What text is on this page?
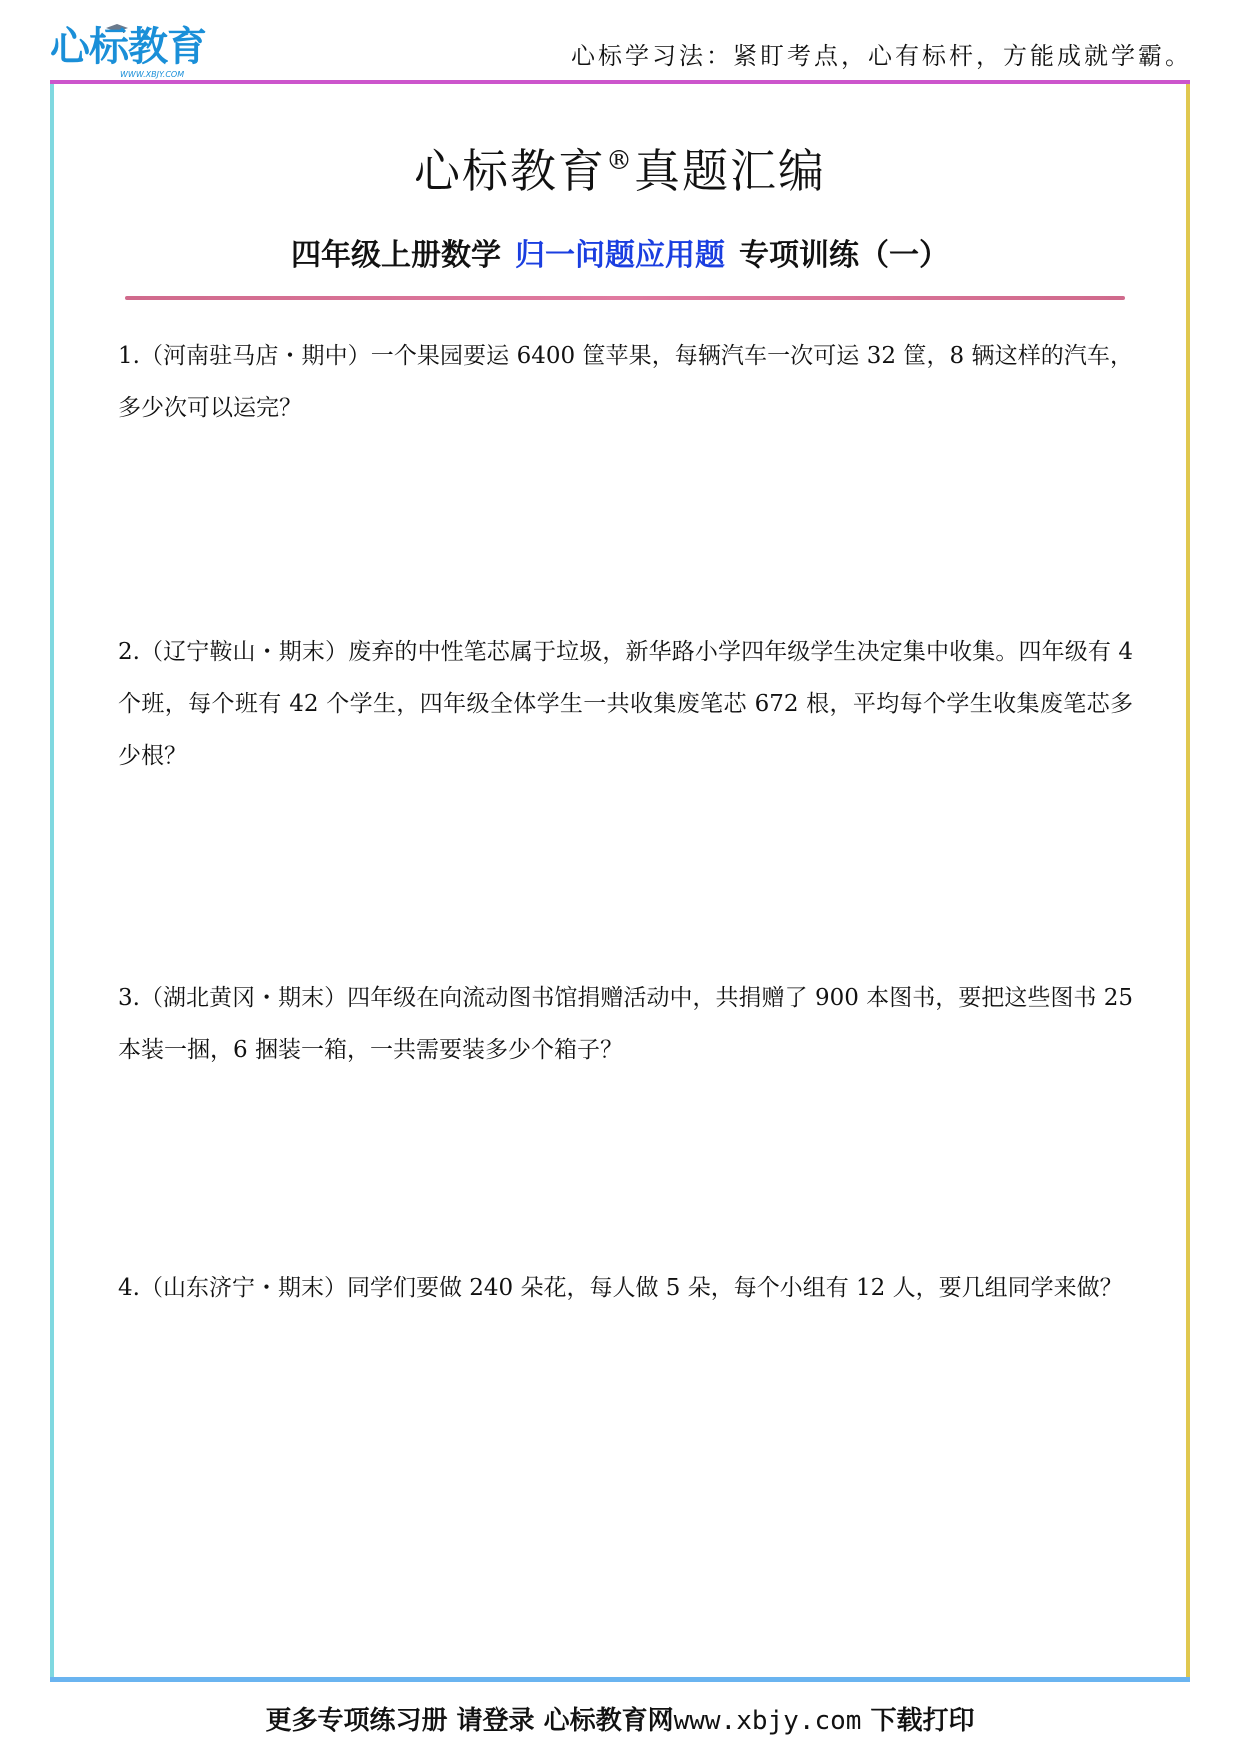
心标教育
WWW.XBJY.COM
心标学习法：紧盯考点，心有标杆，方能成就学霸。
心标教育®真题汇编
四年级上册数学 归一问题应用题 专项训练（一）
1.（河南驻马店・期中）一个果园要运 6400 筐苹果，每辆汽车一次可运 32 筐，8 辆这样的汽车，多少次可以运完？
2.（辽宁鞍山・期末）废弃的中性笔芯属于垃圾，新华路小学四年级学生决定集中收集。四年级有 4 个班，每个班有 42 个学生，四年级全体学生一共收集废笔芯 672 根，平均每个学生收集废笔芯多少根？
3.（湖北黄冈・期末）四年级在向流动图书馆捐赠活动中，共捐赠了 900 本图书，要把这些图书 25 本装一捆，6 捆装一箱，一共需要装多少个箱子？
4.（山东济宁・期末）同学们要做 240 朵花，每人做 5 朵，每个小组有 12 人，要几组同学来做？
更多专项练习册 请登录 心标教育网www.xbjy.com 下载打印
